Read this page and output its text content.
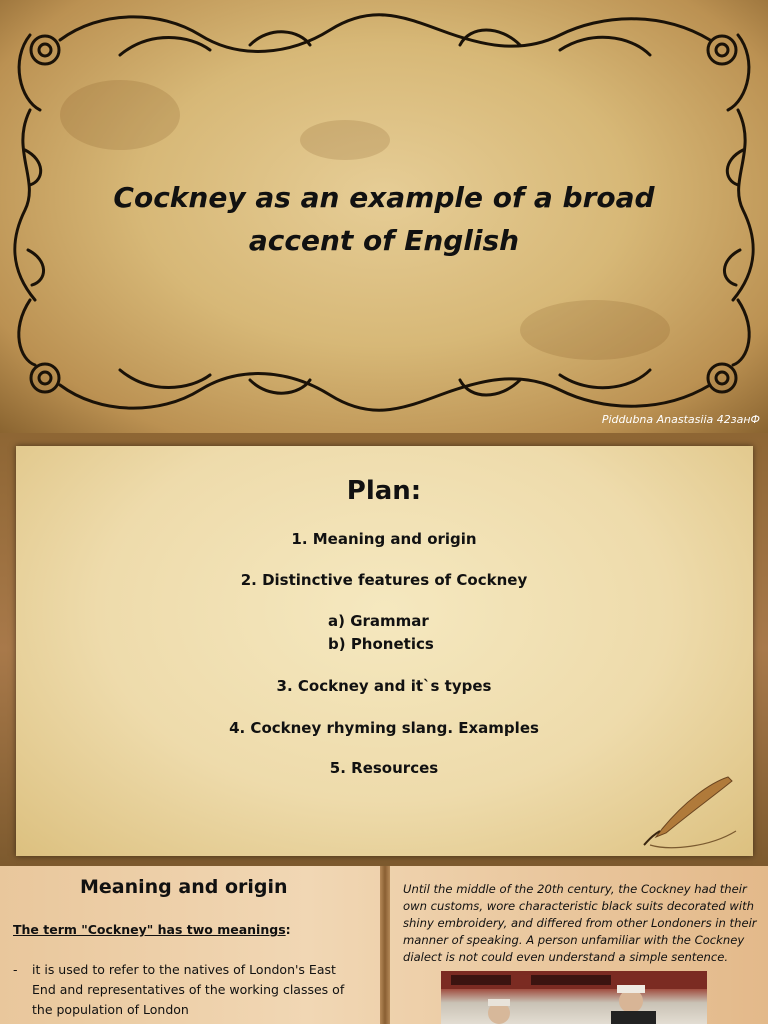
Cockney as an example of a broad
accent of English
Piddubna Anastasiia 42занФ
Plan:
1. Meaning and origin
2. Distinctive features of Cockney
a) Grammar
b) Phonetics
3. Cockney and it`s types
4. Cockney rhyming slang. Examples
5. Resources
Meaning and origin
The term "Cockney" has two meanings:
- it is used to refer to the natives of London's East End and representatives of the working classes of the population of London
Until the middle of the 20th century, the Cockney had their own customs, wore characteristic black suits decorated with shiny embroidery, and differed from other Londoners in their manner of speaking. A person unfamiliar with the Cockney dialect is not could even understand a simple sentence.
